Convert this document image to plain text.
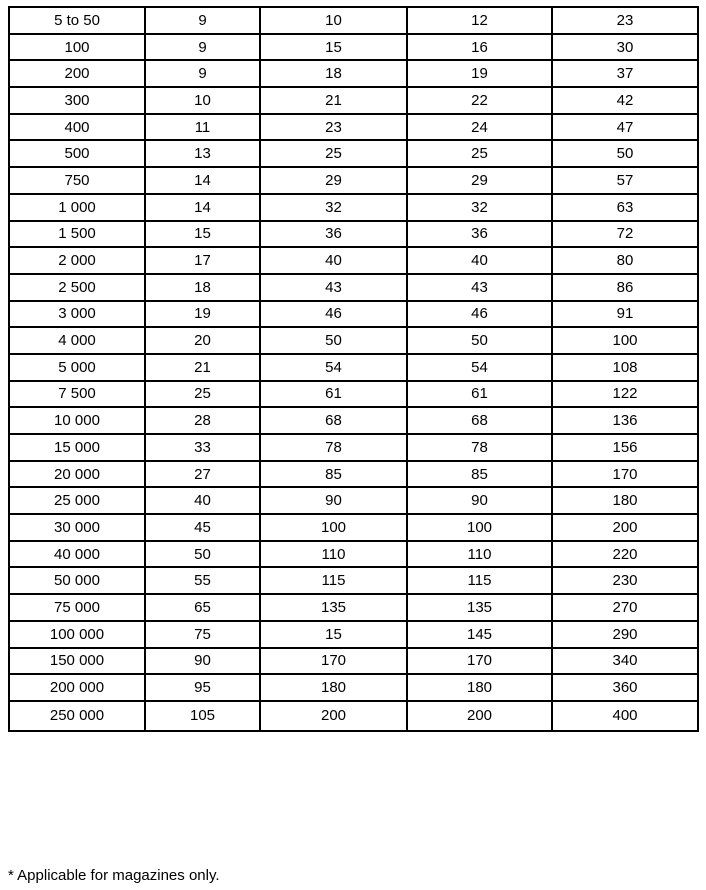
5 to 50	9	10	12	23
100	9	15	16	30
200	9	18	19	37
300	10	21	22	42
400	11	23	24	47
500	13	25	25	50
750	14	29	29	57
1 000	14	32	32	63
1 500	15	36	36	72
2 000	17	40	40	80
2 500	18	43	43	86
3 000	19	46	46	91
4 000	20	50	50	100
5 000	21	54	54	108
7 500	25	61	61	122
10 000	28	68	68	136
15 000	33	78	78	156
20 000	27	85	85	170
25 000	40	90	90	180
30 000	45	100	100	200
40 000	50	110	110	220
50 000	55	115	115	230
75 000	65	135	135	270
100 000	75	15	145	290
150 000	90	170	170	340
200 000	95	180	180	360
250 000	105	200	200	400
* Applicable for magazines only.
